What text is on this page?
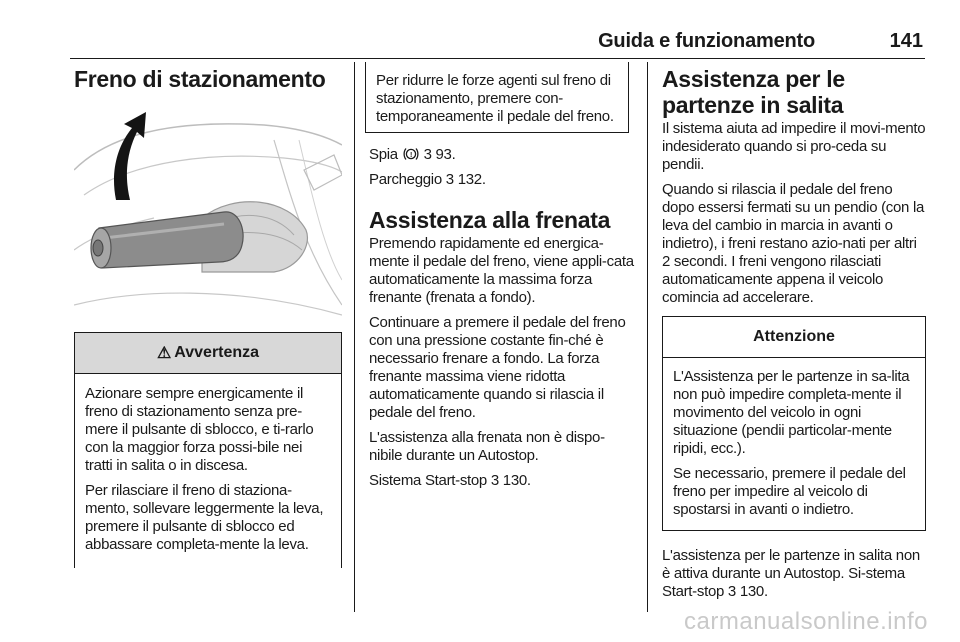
Guida e funzionamento	141
Freno di stazionamento
⚠ Avvertenza

Azionare sempre energicamente il freno di stazionamento senza pre-mere il pulsante di sblocco, e ti-rarlo con la maggior forza possi-bile nei tratti in salita o in discesa.

Per rilasciare il freno di staziona-mento, sollevare leggermente la leva, premere il pulsante di sblocco ed abbassare completa-mente la leva.

Per ridurre le forze agenti sul freno di stazionamento, premere con-temporaneamente il pedale del freno.

Spia ! 3 93.

Parcheggio 3 132.

Assistenza alla frenata

Premendo rapidamente ed energica-mente il pedale del freno, viene appli-cata automaticamente la massima forza frenante (frenata a fondo).

Continuare a premere il pedale del freno con una pressione costante fin-ché è necessario frenare a fondo. La forza frenante massima viene ridotta automaticamente quando si rilascia il pedale del freno.

L'assistenza alla frenata non è dispo-nibile durante un Autostop.

Sistema Start-stop 3 130.

Assistenza per le partenze in salita

Il sistema aiuta ad impedire il movi-mento indesiderato quando si pro-ceda su pendii.

Quando si rilascia il pedale del freno dopo essersi fermati su un pendio (con la leva del cambio in marcia in avanti o indietro), i freni restano azio-nati per altri 2 secondi. I freni vengono rilasciati automaticamente appena il veicolo comincia ad accelerare.

Attenzione

L'Assistenza per le partenze in sa-lita non può impedire completa-mente il movimento del veicolo in ogni situazione (pendii particolar-mente ripidi, ecc.).

Se necessario, premere il pedale del freno per impedire al veicolo di spostarsi in avanti o indietro.

L'assistenza per le partenze in salita non è attiva durante un Autostop. Si-stema Start-stop 3 130.

carmanualsonline.info
